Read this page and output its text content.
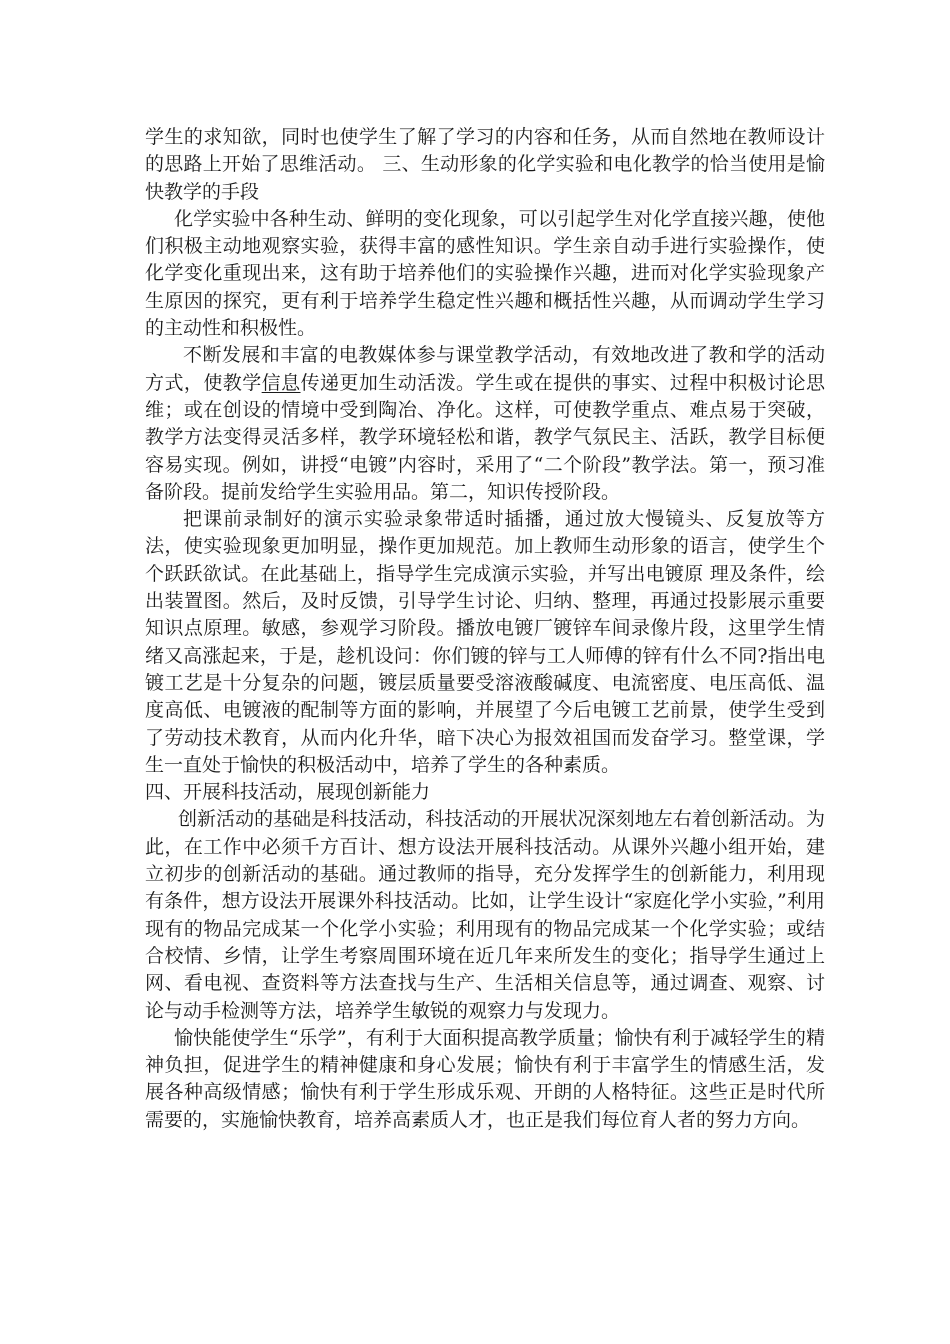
学生的求知欲，同时也使学生了解了学习的内容和任务，从而自然地在教师设计的思路上开始了思维活动。 三、生动形象的化学实验和电化教学的恰当使用是愉快教学的手段

化学实验中各种生动、鲜明的变化现象，可以引起学生对化学直接兴趣，使他们积极主动地观察实验，获得丰富的感性知识。学生亲自动手进行实验操作，使化学变化重现出来，这有助于培养他们的实验操作兴趣，进而对化学实验现象产生原因的探究，更有利于培养学生稳定性兴趣和概括性兴趣，从而调动学生学习的主动性和积极性。

不断发展和丰富的电教媒体参与课堂教学活动，有效地改进了教和学的活动方式，使教学信息传递更加生动活泼。学生或在提供的事实、过程中积极讨论思维；或在创设的情境中受到陶冶、净化。这样，可使教学重点、难点易于突破，教学方法变得灵活多样，教学环境轻松和谐，教学气氛民主、活跃，教学目标便容易实现。例如，讲授“电镀”内容时，采用了“二个阶段”教学法。第一，预习准备阶段。提前发给学生实验用品。第二，知识传授阶段。

把课前录制好的演示实验录象带适时插播，通过放大慢镜头、反复放等方法，使实验现象更加明显，操作更加规范。加上教师生动形象的语言，使学生个个跃跃欲试。在此基础上，指导学生完成演示实验，并写出电镀原 理及条件，绘出装置图。然后，及时反馈，引导学生讨论、归纳、整理，再通过投影展示重要知识点原理。敏感，参观学习阶段。播放电镀厂镀锌车间录像片段，这里学生情绪又高涨起来，于是，趁机设问：你们镀的锌与工人师傅的锌有什么不同?指出电镀工艺是十分复杂的问题，镀层质量要受溶液酸碱度、电流密度、电压高低、温度高低、电镀液的配制等方面的影响，并展望了今后电镀工艺前景，使学生受到了劳动技术教育，从而内化升华，暗下决心为报效祖国而发奋学习。整堂课，学生一直处于愉快的积极活动中，培养了学生的各种素质。

四、开展科技活动，展现创新能力

创新活动的基础是科技活动，科技活动的开展状况深刻地左右着创新活动。为此，在工作中必须千方百计、想方设法开展科技活动。从课外兴趣小组开始，建立初步的创新活动的基础。通过教师的指导，充分发挥学生的创新能力，利用现有条件，想方设法开展课外科技活动。比如，让学生设计“家庭化学小实验，”利用现有的物品完成某一个化学小实验；利用现有的物品完成某一个化学实验；或结合校情、乡情，让学生考察周围环境在近几年来所发生的变化；指导学生通过上网、看电视、查资料等方法查找与生产、生活相关信息等，通过调查、观察、讨论与动手检测等方法，培养学生敏锐的观察力与发现力。

愉快能使学生“乐学”，有利于大面积提高教学质量；愉快有利于减轻学生的精神负担，促进学生的精神健康和身心发展；愉快有利于丰富学生的情感生活，发展各种高级情感；愉快有利于学生形成乐观、开朗的人格特征。这些正是时代所需要的，实施愉快教育，培养高素质人才，也正是我们每位育人者的努力方向。
